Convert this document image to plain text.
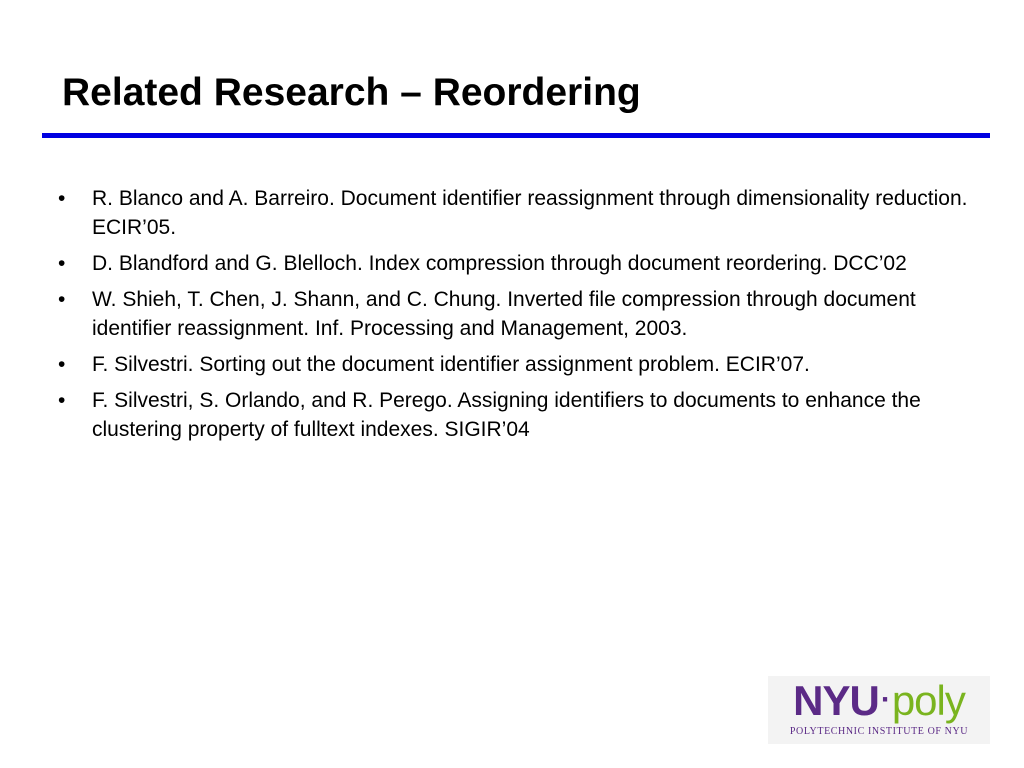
Related Research – Reordering
•	R. Blanco and A. Barreiro. Document identifier reassignment through dimensionality reduction. ECIR’05.
•	D. Blandford and G. Blelloch. Index compression through document reordering. DCC’02
•	W. Shieh, T. Chen, J. Shann, and C. Chung. Inverted file compression through document identifier reassignment. Inf. Processing and Management, 2003.
•	F. Silvestri. Sorting out the document identifier assignment problem. ECIR’07.
•	F. Silvestri, S. Orlando, and R. Perego. Assigning identifiers to documents to enhance the clustering property of fulltext indexes. SIGIR’04
NYU·poly
POLYTECHNIC INSTITUTE OF NYU
